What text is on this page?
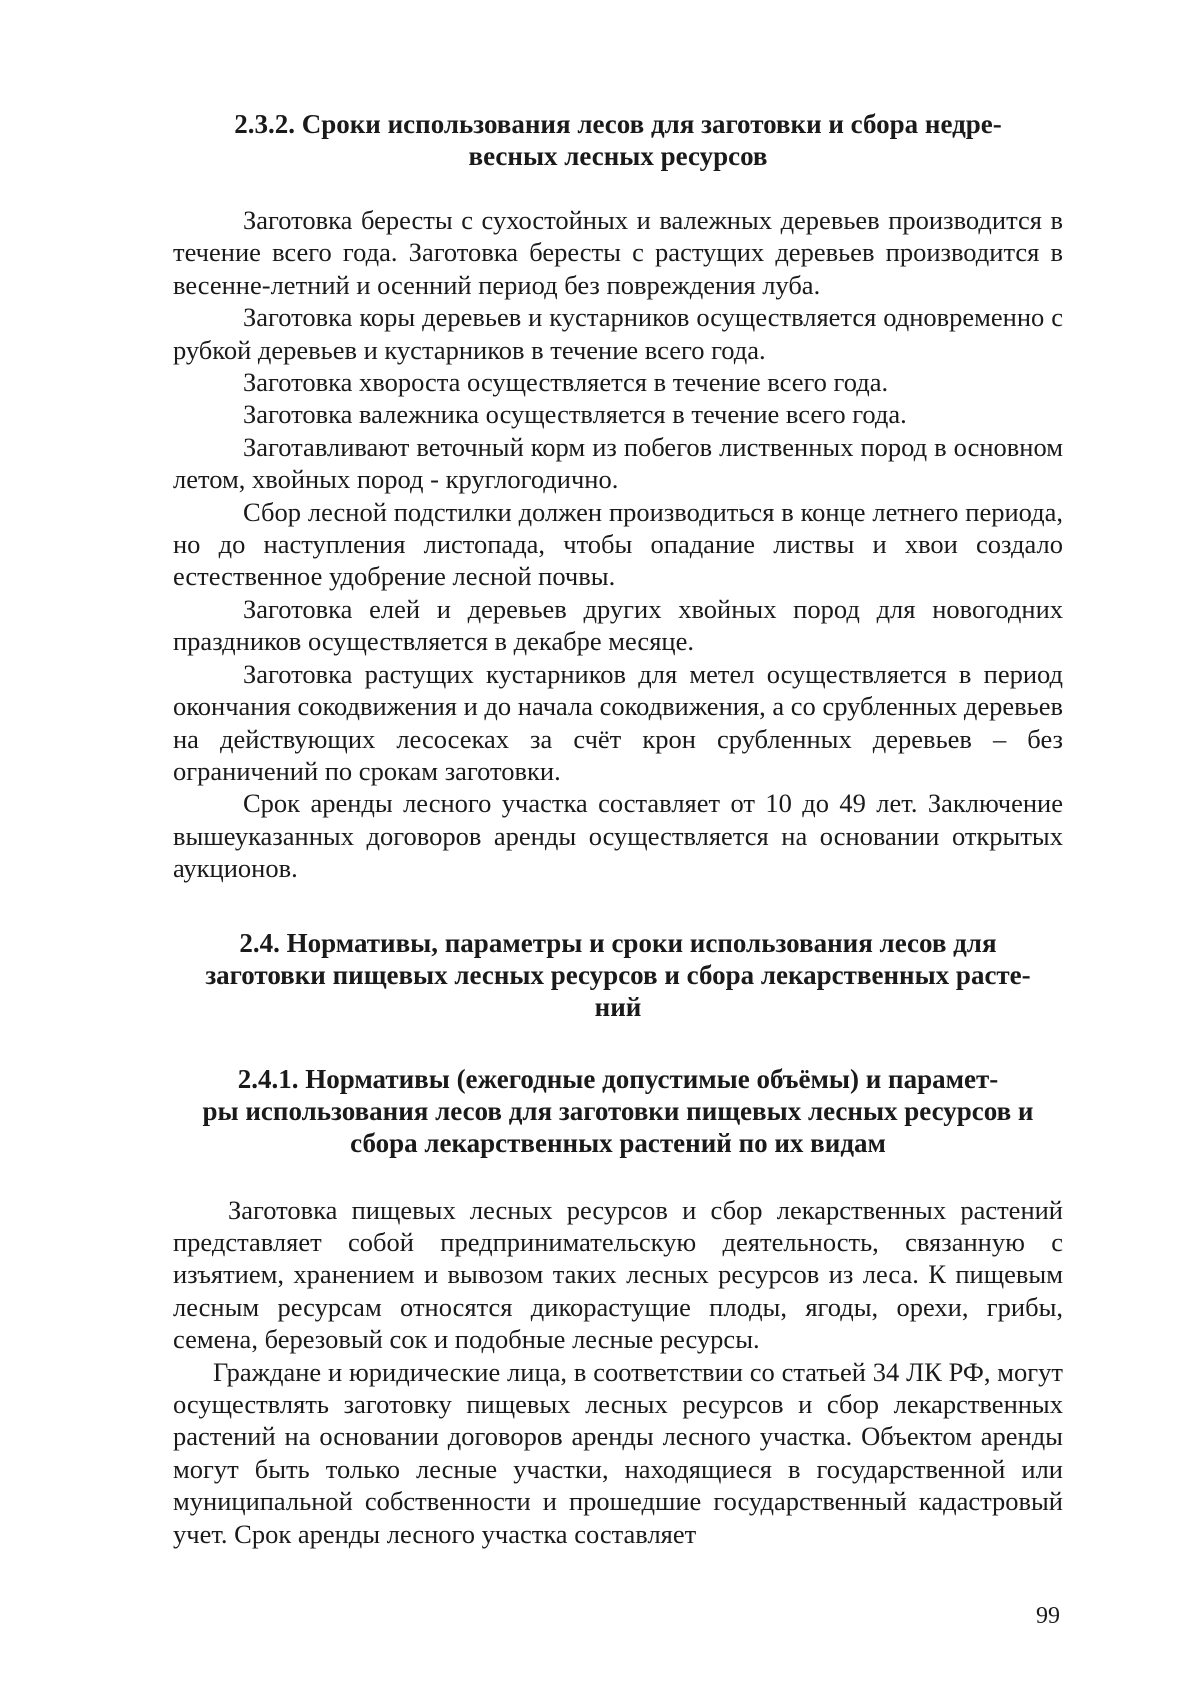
2.3.2. Сроки использования лесов для заготовки и сбора недре-
весных лесных ресурсов

Заготовка бересты с сухостойных и валежных деревьев производится в течение всего года. Заготовка бересты с растущих деревьев производится в весенне-летний и осенний период без повреждения луба.

Заготовка коры деревьев и кустарников осуществляется одновременно с рубкой деревьев и кустарников в течение всего года.

Заготовка хвороста осуществляется в течение всего года.

Заготовка валежника осуществляется в течение всего года.

Заготавливают веточный корм из побегов лиственных пород в основном летом, хвойных пород - круглогодично.

Сбор лесной подстилки должен производиться в конце летнего периода, но до наступления листопада, чтобы опадание листвы и хвои создало естественное удобрение лесной почвы.

Заготовка елей и деревьев других хвойных пород для новогодних праздников осуществляется в декабре месяце.

Заготовка растущих кустарников для метел осуществляется в период окончания сокодвижения и до начала сокодвижения, а со срубленных деревьев на действующих лесосеках за счёт крон срубленных деревьев – без ограничений по срокам заготовки.

Срок аренды лесного участка составляет от 10 до 49 лет. Заключение вышеуказанных договоров аренды осуществляется на основании открытых аукционов.

2.4. Нормативы, параметры и сроки использования лесов для
заготовки пищевых лесных ресурсов и сбора лекарственных расте-
ний
2.4.1. Нормативы (ежегодные допустимые объёмы) и парамет-
ры использования лесов для заготовки пищевых лесных ресурсов и
сбора лекарственных растений по их видам

Заготовка пищевых лесных ресурсов и сбор лекарственных растений представляет собой предпринимательскую деятельность, связанную с изъятием, хранением и вывозом таких лесных ресурсов из леса. К пищевым лесным ресурсам относятся дикорастущие плоды, ягоды, орехи, грибы, семена, березовый сок и подобные лесные ресурсы.

Граждане и юридические лица, в соответствии со статьей 34 ЛК РФ, могут осуществлять заготовку пищевых лесных ресурсов и сбор лекарственных растений на основании договоров аренды лесного участка. Объектом аренды могут быть только лесные участки, находящиеся в государственной или муниципальной собственности и прошедшие государственный кадастровый учет. Срок аренды лесного участка составляет

99
